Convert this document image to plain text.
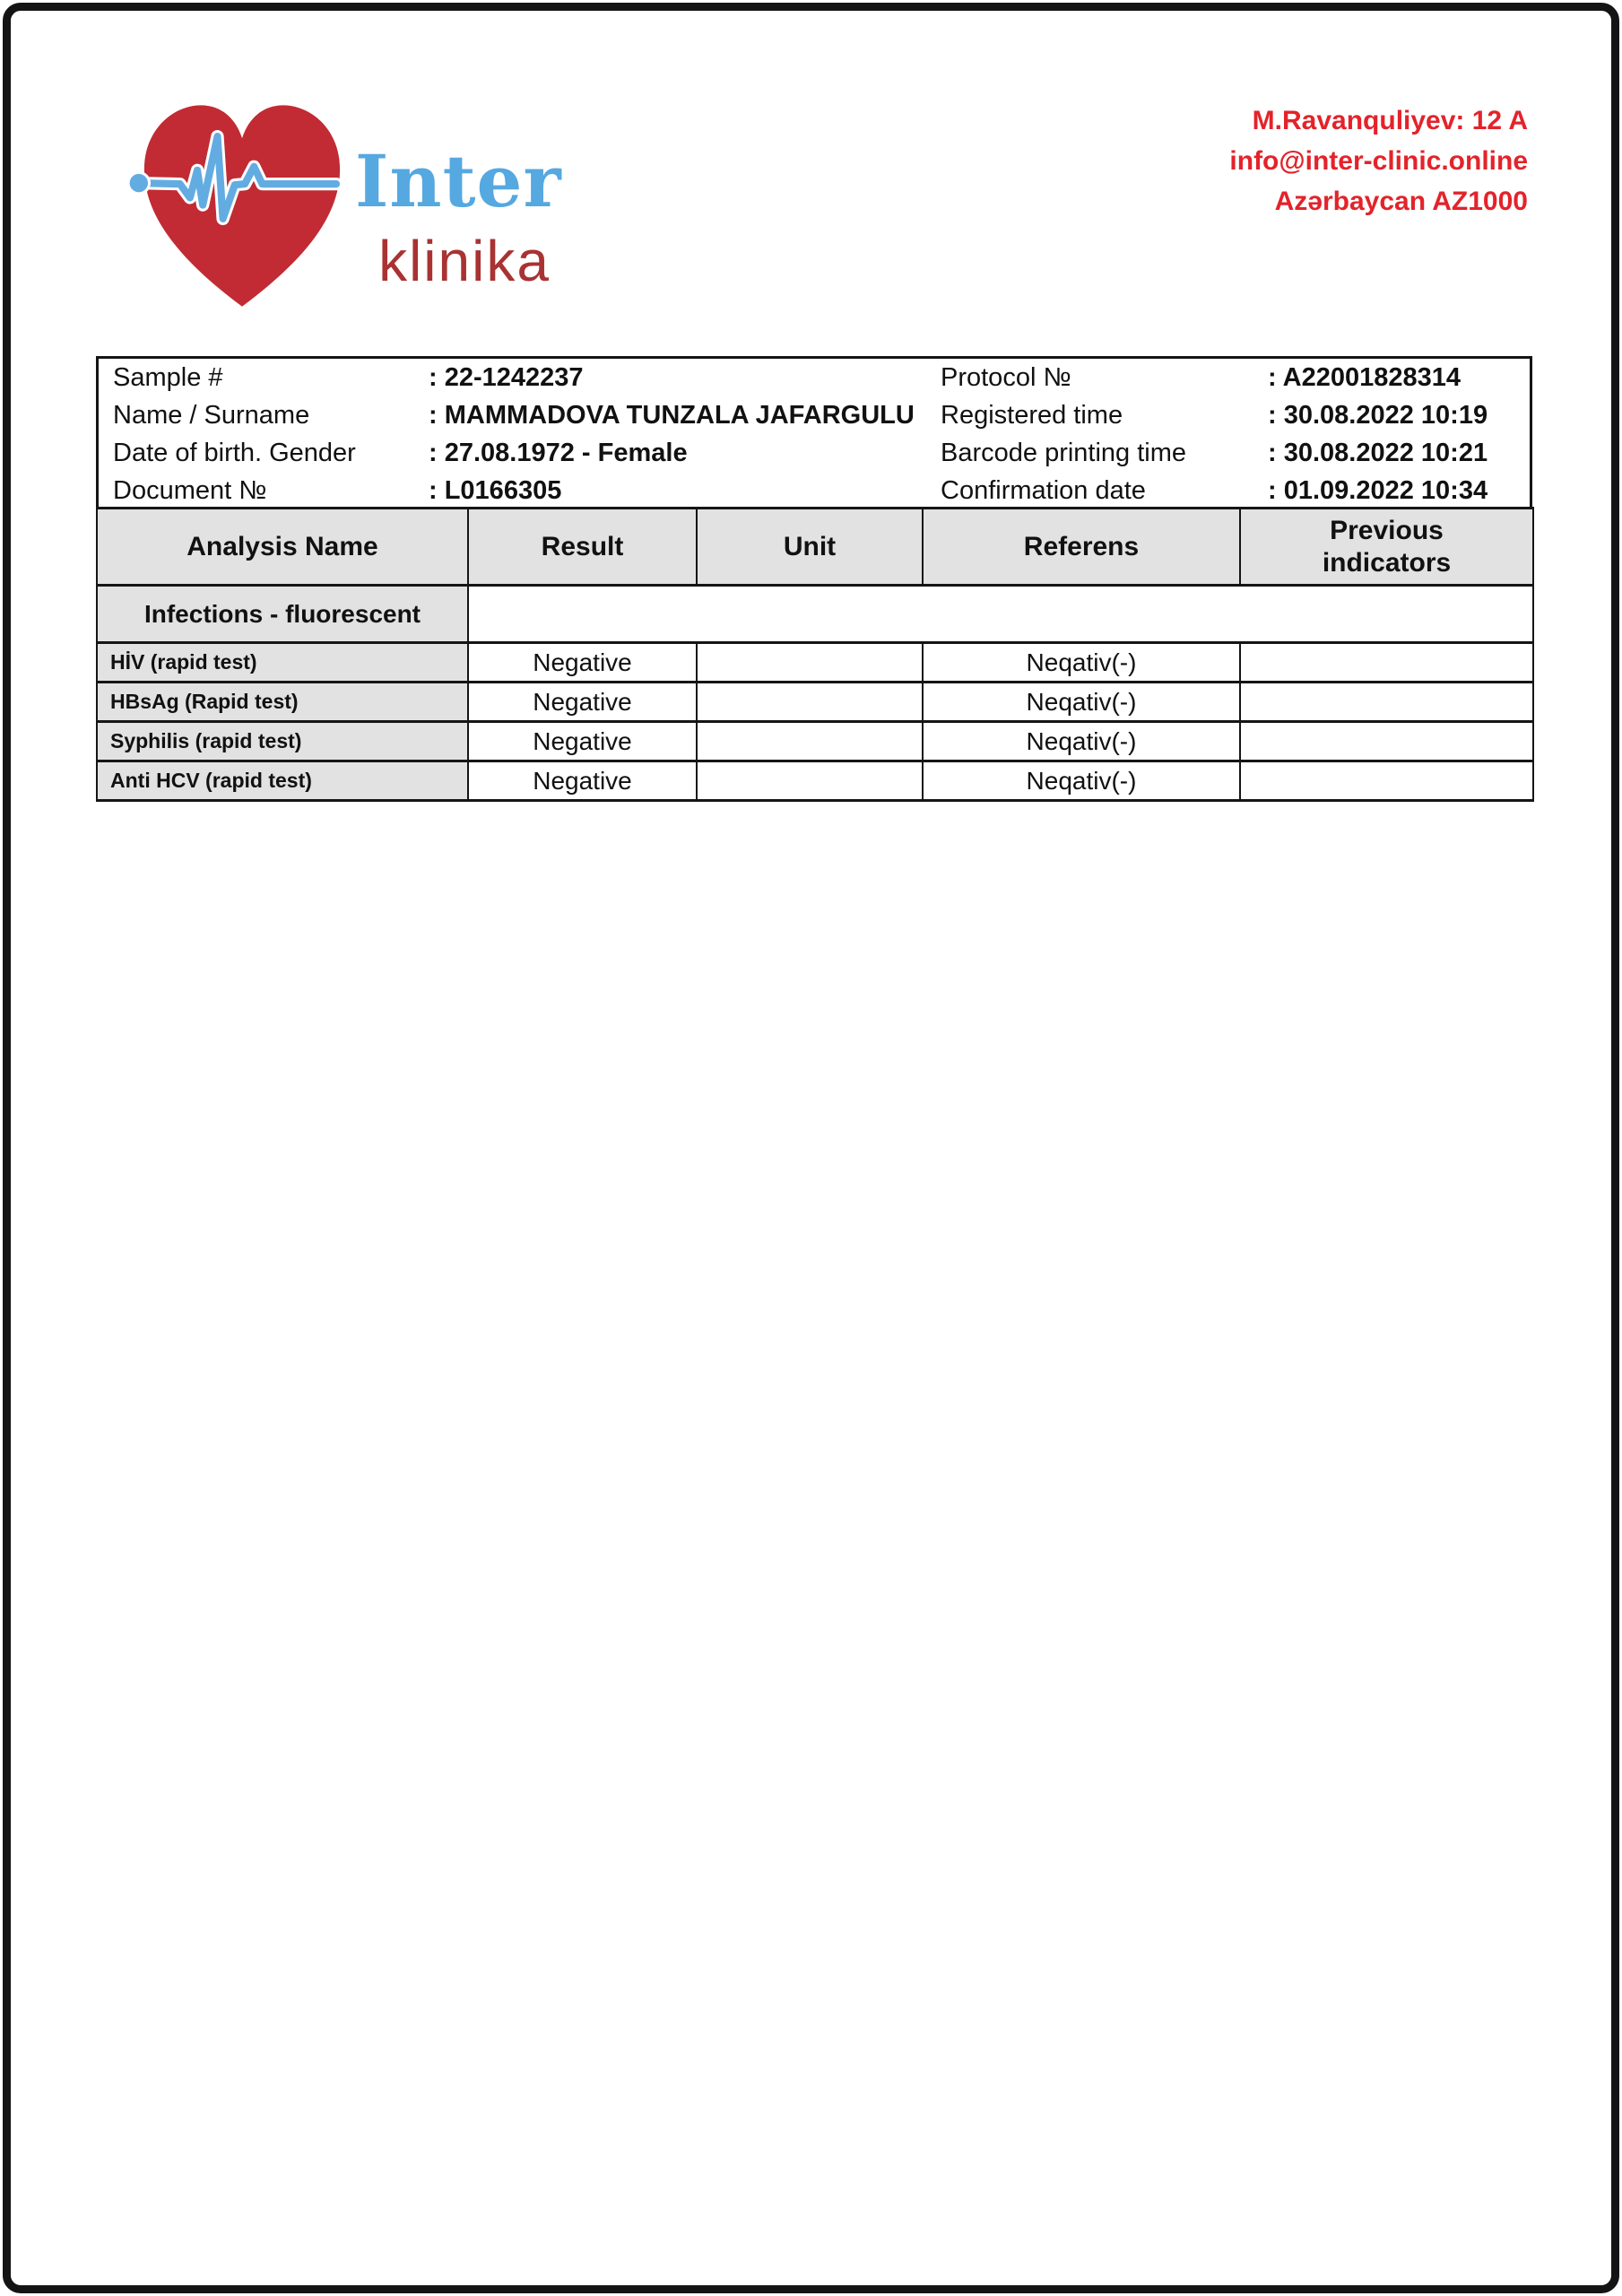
Inter
klinika
M.Ravanquliyev: 12 A
info@inter-clinic.online
Azərbaycan AZ1000
Sample #	: 22-1242237
Name / Surname	: MAMMADOVA TUNZALA JAFARGULU
Date of birth. Gender	: 27.08.1972 - Female
Document №	: L0166305
Protocol №	: A22001828314
Registered time	: 30.08.2022 10:19
Barcode printing time	: 30.08.2022 10:21
Confirmation date	: 01.09.2022 10:34
Analysis Name	Result	Unit	Referens	Previous indicators
Infections - fluorescent				
HİV (rapid test)	Negative		Neqativ(-)	
HBsAg (Rapid test)	Negative		Neqativ(-)	
Syphilis (rapid test)	Negative		Neqativ(-)	
Anti HCV (rapid test)	Negative		Neqativ(-)	
